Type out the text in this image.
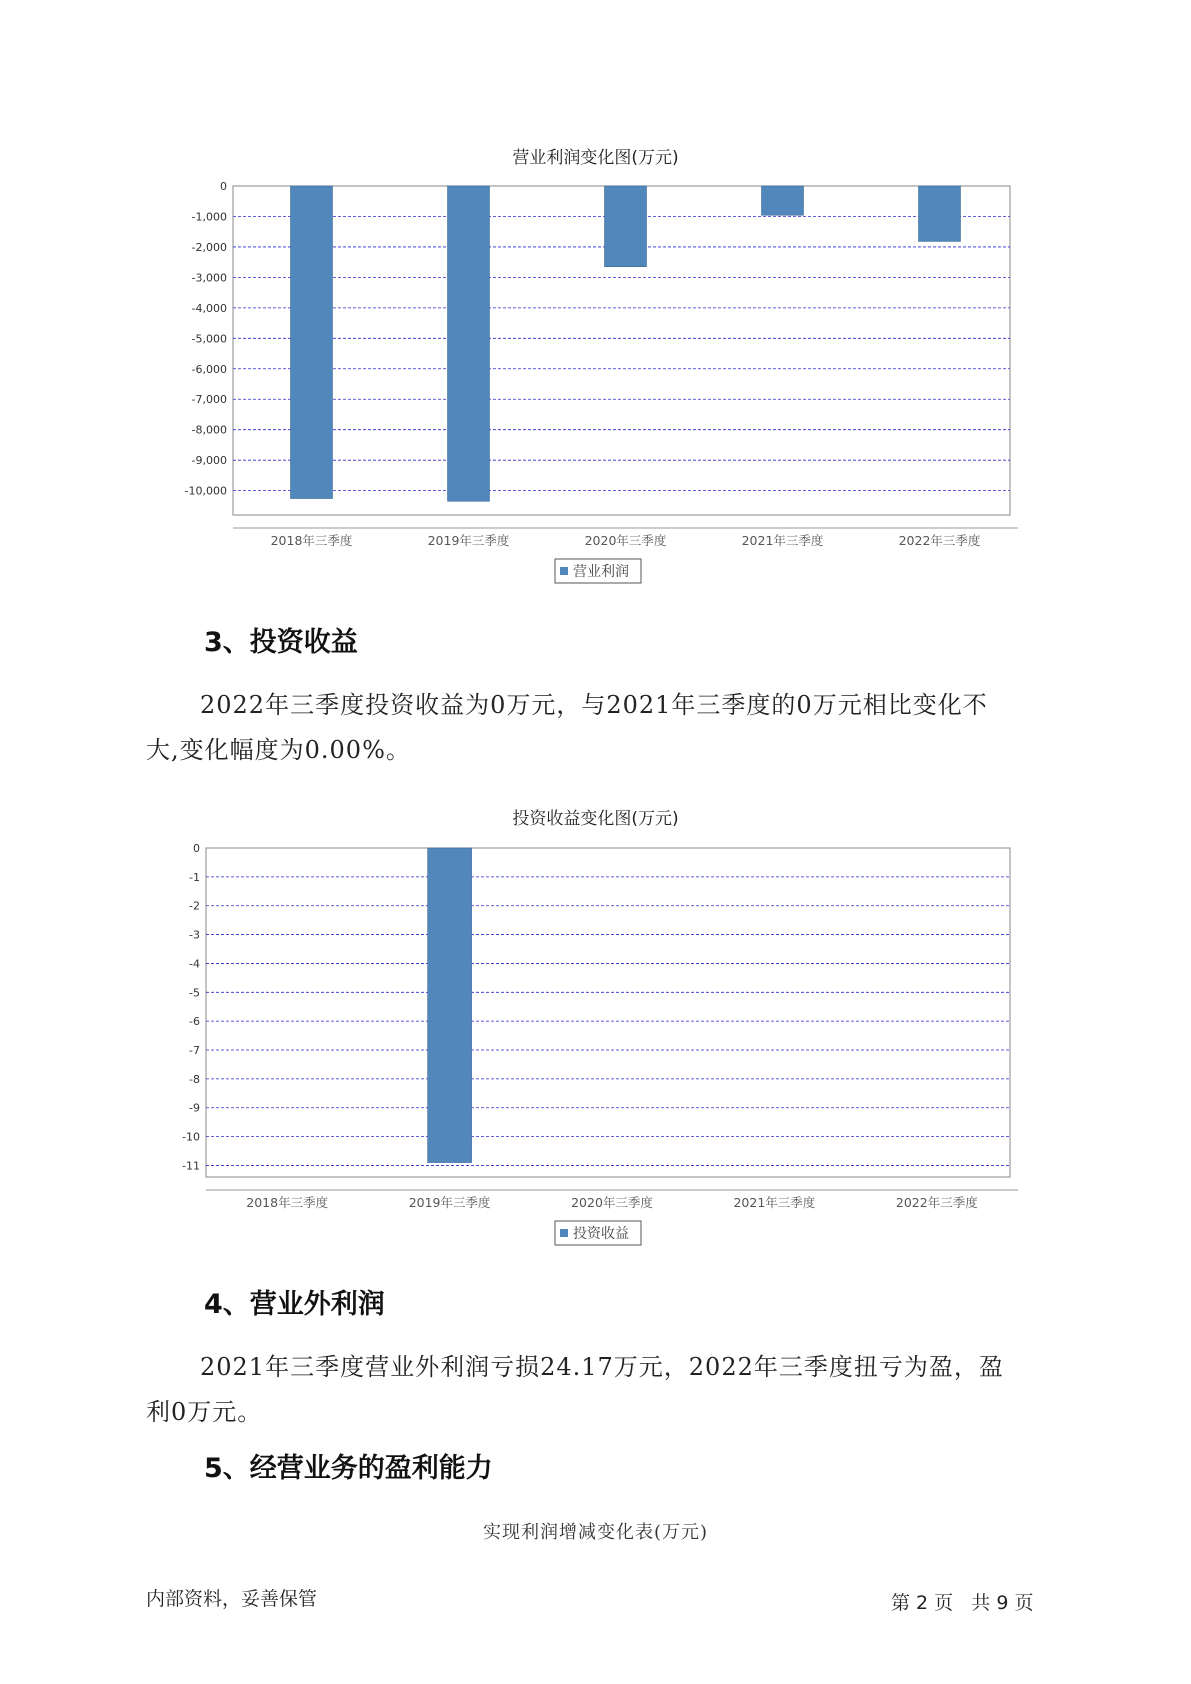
营业利润变化图(万元)
0
-1,000
-2,000
-3,000
-4,000
-5,000
-6,000
-7,000
-8,000
-9,000
-10,000
2018年三季度	2019年三季度	2020年三季度	2021年三季度	2022年三季度
营业利润
3、投资收益
2022年三季度投资收益为0万元，与2021年三季度的0万元相比变化不
大,变化幅度为0.00%。
投资收益变化图(万元)
0
-1
-2
-3
-4
-5
-6
-7
-8
-9
-10
-11
2018年三季度	2019年三季度	2020年三季度	2021年三季度	2022年三季度
投资收益
4、营业外利润
2021年三季度营业外利润亏损24.17万元，2022年三季度扭亏为盈，盈
利0万元。
5、经营业务的盈利能力
实现利润增减变化表(万元)
内部资料，妥善保管	第 2 页   共 9 页
